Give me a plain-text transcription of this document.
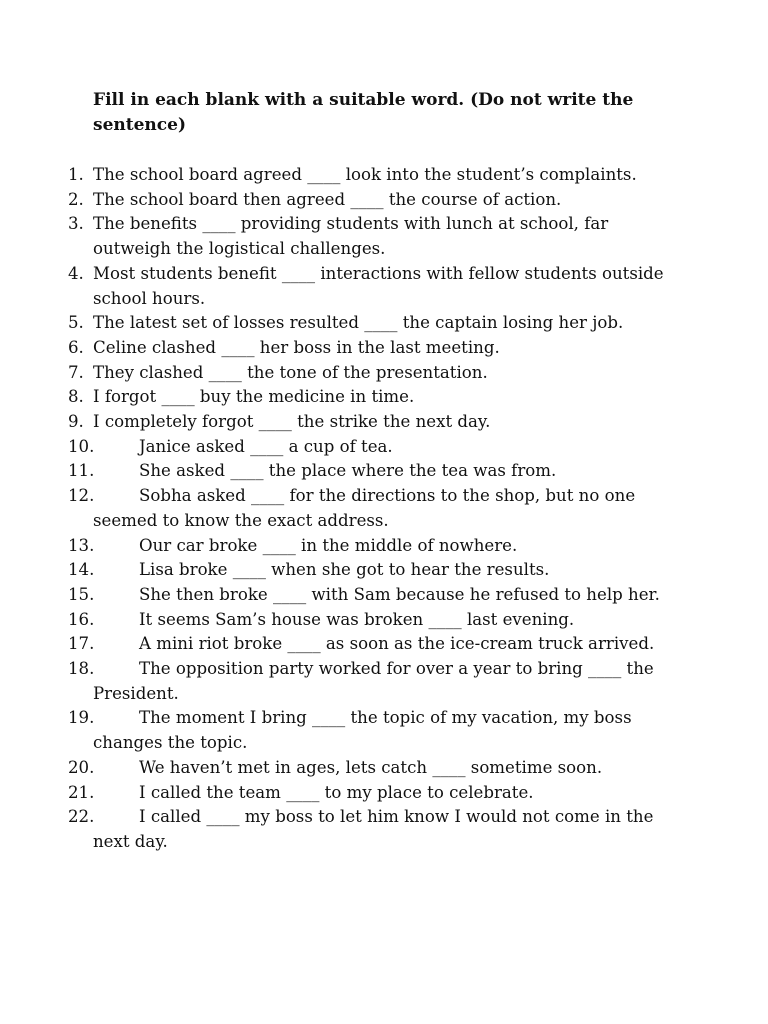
Fill in each blank with a suitable word. (Do not write the sentence)

1. The school board agreed ____ look into the student’s complaints.
2. The school board then agreed ____ the course of action.
3. The benefits ____ providing students with lunch at school, far outweigh the logistical challenges.
4. Most students benefit ____ interactions with fellow students outside school hours.
5. The latest set of losses resulted ____ the captain losing her job.
6. Celine clashed ____ her boss in the last meeting.
7. They clashed ____ the tone of the presentation.
8. I forgot ____ buy the medicine in time.
9. I completely forgot ____ the strike the next day.
10.	Janice asked ____ a cup of tea.
11.	She asked ____ the place where the tea was from.
12.	Sobha asked ____ for the directions to the shop, but no one seemed to know the exact address.
13.	Our car broke ____ in the middle of nowhere.
14.	Lisa broke ____ when she got to hear the results.
15.	She then broke ____ with Sam because he refused to help her.
16.	It seems Sam’s house was broken ____ last evening.
17.	A mini riot broke ____ as soon as the ice-cream truck arrived.
18.	The opposition party worked for over a year to bring ____ the President.
19.	The moment I bring ____ the topic of my vacation, my boss changes the topic.
20.	We haven’t met in ages, lets catch ____ sometime soon.
21.	I called the team ____ to my place to celebrate.
22.	I called ____ my boss to let him know I would not come in the next day.
